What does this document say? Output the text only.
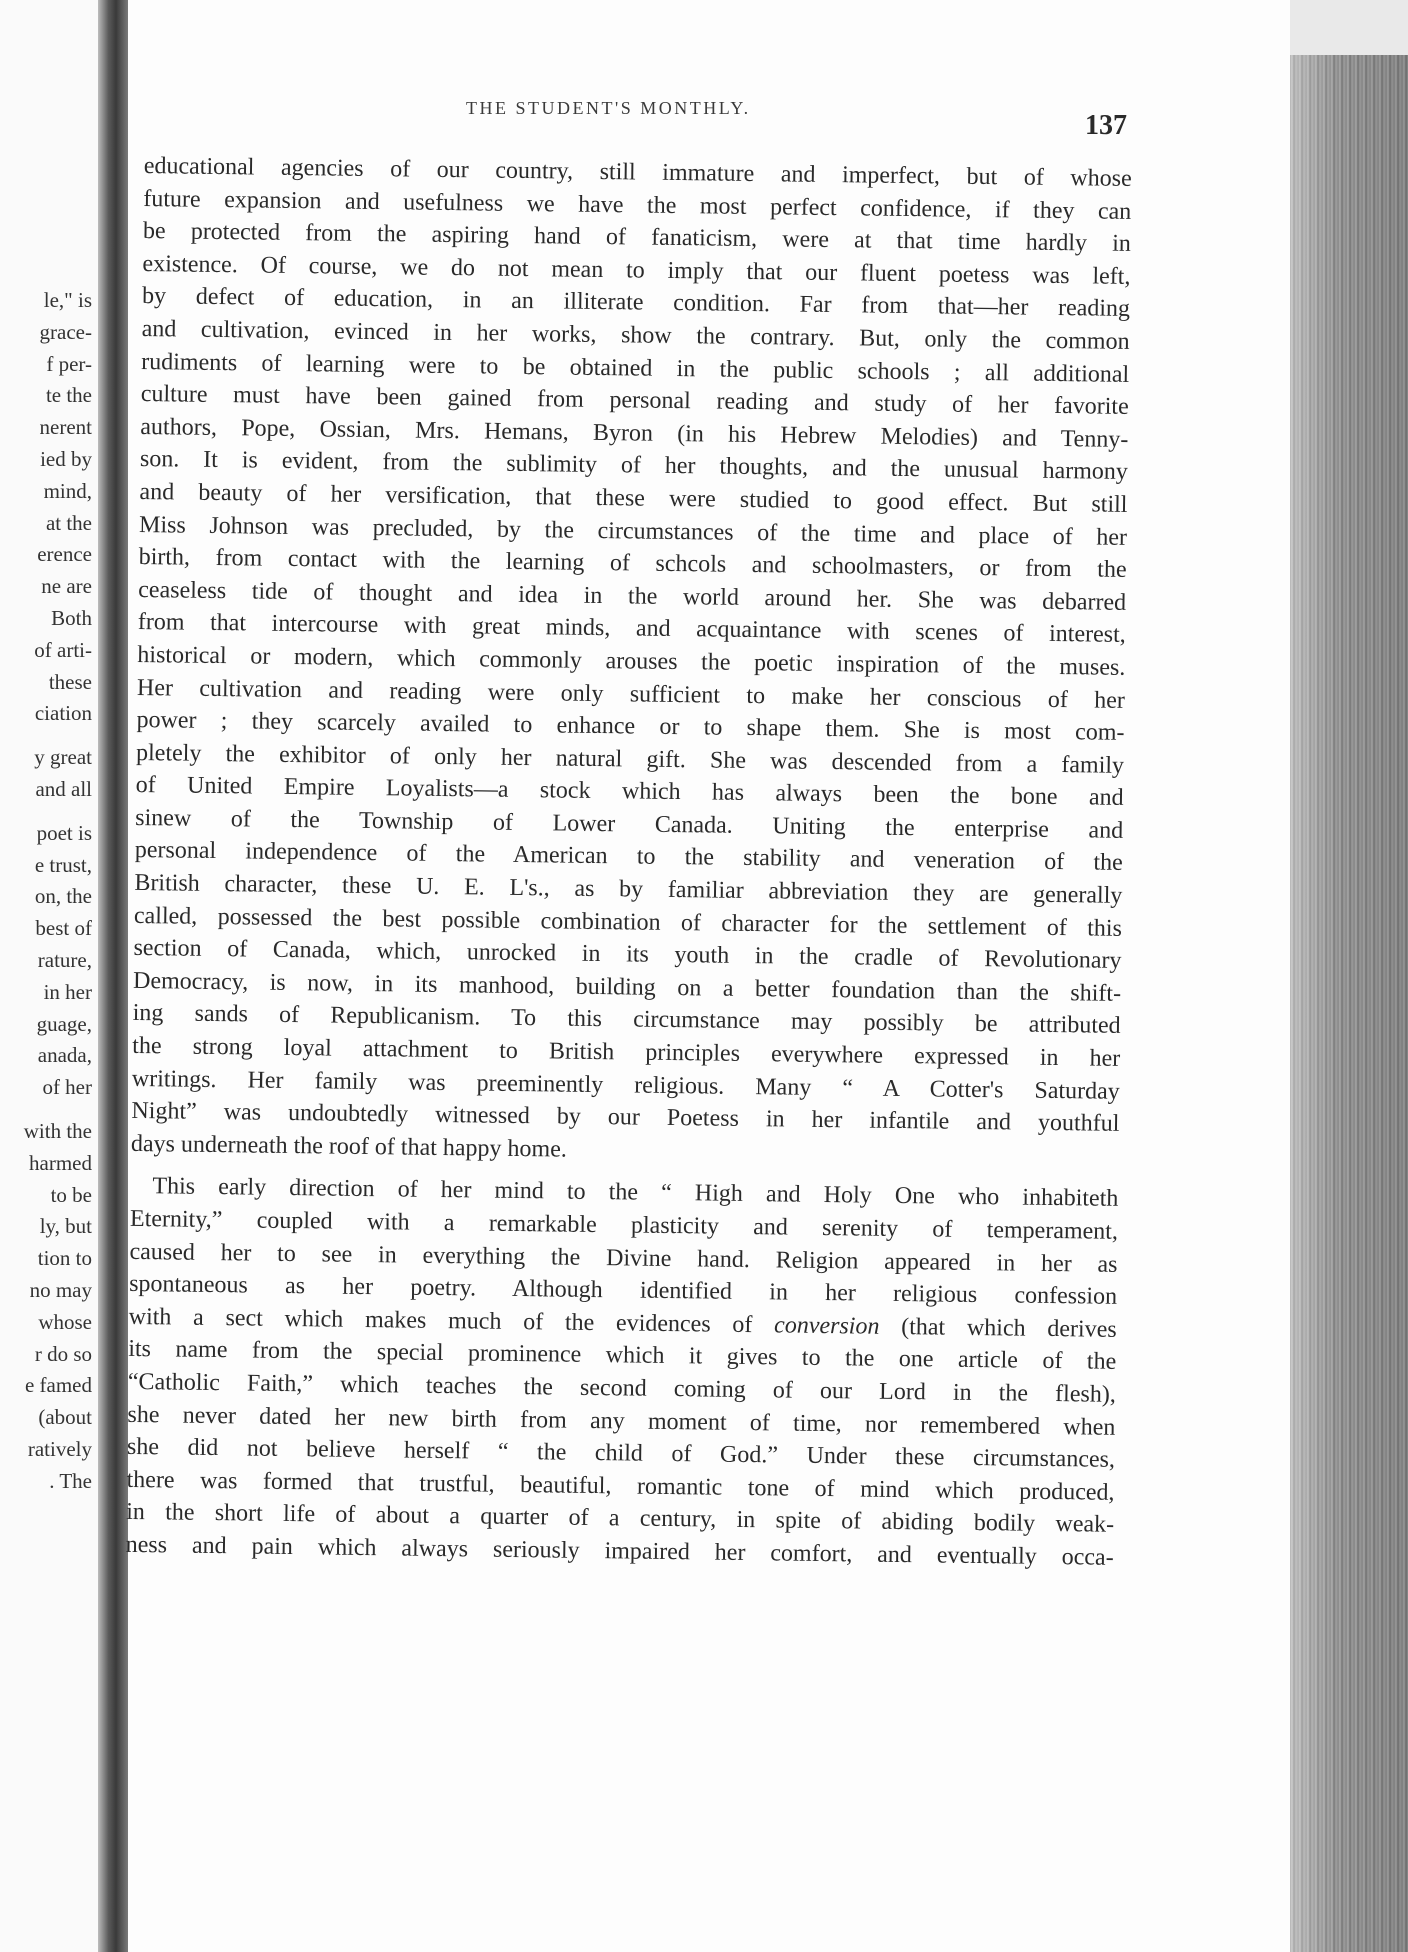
le," is
grace-
f per-
te the
nerent
ied by
mind,
at the
erence
ne are
Both
of arti-
these
ciation
y great
and all
poet is
e trust,
on, the
best of
rature,
in her
guage,
anada,
of her
with the
harmed
to be
ly, but
tion to
no may
whose
r do so
e famed
(about
ratively
. The
THE STUDENT'S MONTHLY.
137
educational agencies of our country, still immature and imperfect, but of whose
future expansion and usefulness we have the most perfect confidence, if they can
be protected from the aspiring hand of fanaticism, were at that time hardly in
existence. Of course, we do not mean to imply that our fluent poetess was left,
by defect of education, in an illiterate condition. Far from that—her reading
and cultivation, evinced in her works, show the contrary. But, only the common
rudiments of learning were to be obtained in the public schools ; all additional
culture must have been gained from personal reading and study of her favorite
authors, Pope, Ossian, Mrs. Hemans, Byron (in his Hebrew Melodies) and Tenny-
son. It is evident, from the sublimity of her thoughts, and the unusual harmony
and beauty of her versification, that these were studied to good effect. But still
Miss Johnson was precluded, by the circumstances of the time and place of her
birth, from contact with the learning of schcols and schoolmasters, or from the
ceaseless tide of thought and idea in the world around her. She was debarred
from that intercourse with great minds, and acquaintance with scenes of interest,
historical or modern, which commonly arouses the poetic inspiration of the muses.
Her cultivation and reading were only sufficient to make her conscious of her
power ; they scarcely availed to enhance or to shape them. She is most com-
pletely the exhibitor of only her natural gift. She was descended from a family
of United Empire Loyalists—a stock which has always been the bone and
sinew of the Township of Lower Canada. Uniting the enterprise and
personal independence of the American to the stability and veneration of the
British character, these U. E. L's., as by familiar abbreviation they are generally
called, possessed the best possible combination of character for the settlement of this
section of Canada, which, unrocked in its youth in the cradle of Revolutionary
Democracy, is now, in its manhood, building on a better foundation than the shift-
ing sands of Republicanism. To this circumstance may possibly be attributed
the strong loyal attachment to British principles everywhere expressed in her
writings. Her family was preeminently religious. Many “ A Cotter's Saturday
Night” was undoubtedly witnessed by our Poetess in her infantile and youthful
days underneath the roof of that happy home.
This early direction of her mind to the “ High and Holy One who inhabiteth
Eternity,” coupled with a remarkable plasticity and serenity of temperament,
caused her to see in everything the Divine hand. Religion appeared in her as
spontaneous as her poetry. Although identified in her religious confession
with a sect which makes much of the evidences of conversion (that which derives
its name from the special prominence which it gives to the one article of the
“Catholic Faith,” which teaches the second coming of our Lord in the flesh),
she never dated her new birth from any moment of time, nor remembered when
she did not believe herself “ the child of God.” Under these circumstances,
there was formed that trustful, beautiful, romantic tone of mind which produced,
in the short life of about a quarter of a century, in spite of abiding bodily weak-
ness and pain which always seriously impaired her comfort, and eventually occa-
